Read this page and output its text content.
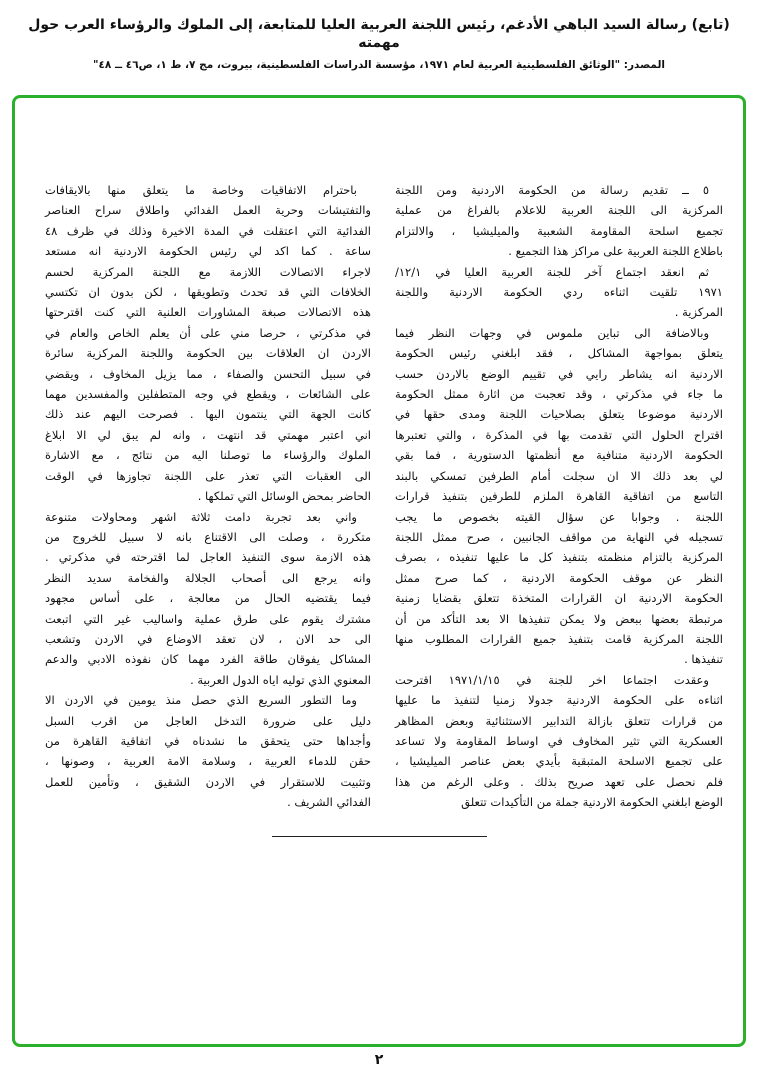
(تابع) رسالة السيد الباهي الأدغم، رئيس اللجنة العربية العليا للمتابعة، إلى الملوك والرؤساء العرب حول مهمته
المصدر: "الوثائق الفلسطينية العربية لعام ١٩٧١، مؤسسة الدراسات الفلسطينية، بيروت، مج ٧، ط ١، ص٤٦ ــ ٤٨"
٥ ــ تقديم رسالة من الحكومة الاردنية ومن اللجنة
المركزية الى اللجنة العربية للاعلام بالفراغ من عملية
تجميع اسلحة المقاومة الشعبية والميليشيا ، والالتزام
باطلاع اللجنة العربية على مراكز هذا التجميع .
ثم انعقد اجتماع آخر للجنة العربية العليا في ١٢/١/
١٩٧١ تلقيت اثناءه ردي الحكومة الاردنية واللجنة
المركزية .
وبالاضافة الى تباين ملموس في وجهات النظر فيما
يتعلق بمواجهة المشاكل ، فقد ابلغني رئيس الحكومة
الاردنية انه يشاطر رايي في تقييم الوضع بالاردن حسب
ما جاء في مذكرتي ، وقد تعجبت من اثارة ممثل الحكومة
الاردنية موضوعا يتعلق بصلاحيات اللجنة ومدى حقها في
اقتراح الحلول التي تقدمت بها في المذكرة ، والتي تعتبرها
الحكومة الاردنية متنافية مع أنظمتها الدستورية ، فما بقي
لي بعد ذلك الا ان سجلت أمام الطرفين تمسكي بالبند
التاسع من اتفاقية القاهرة الملزم للطرفين بتنفيذ قرارات
اللجنة . وجوابا عن سؤال القيته بخصوص ما يجب
تسجيله في النهاية من مواقف الجانبين ، صرح ممثل اللجنة
المركزية بالتزام منظمته بتنفيذ كل ما عليها تنفيذه ، بصرف
النظر عن موقف الحكومة الاردنية ، كما صرح ممثل
الحكومة الاردنية ان القرارات المتخذة تتعلق بقضايا زمنية
مرتبطة بعضها ببعض ولا يمكن تنفيذها الا بعد التأكد من أن
اللجنة المركزية قامت بتنفيذ جميع القرارات المطلوب منها
تنفيذها .
وعقدت اجتماعا اخر للجنة في ١٩٧١/١/١٥ اقترحت
اثناءه على الحكومة الاردنية جدولا زمنيا لتنفيذ ما عليها
من قرارات تتعلق بازالة التدابير الاستثنائية وبعض المظاهر
العسكرية التي تثير المخاوف في اوساط المقاومة ولا تساعد
على تجميع الاسلحة المتبقية بأيدي بعض عناصر الميليشيا ،
فلم نحصل على تعهد صريح بذلك . وعلى الرغم من هذا
الوضع ابلغني الحكومة الاردنية جملة من التأكيدات تتعلق
باحترام الاتفاقيات وخاصة ما يتعلق منها بالايقافات
والتفتيشات وحرية العمل الفدائي واطلاق سراح العناصر
الفدائية التي اعتقلت في المدة الاخيرة وذلك في ظرف ٤٨
ساعة . كما اكد لي رئيس الحكومة الاردنية انه مستعد
لاجراء الاتصالات اللازمة مع اللجنة المركزية لحسم
الخلافات التي قد تحدث وتطويقها ، لكن بدون ان تكتسي
هذه الاتصالات صبغة المشاورات العلنية التي كنت اقترحتها
في مذكرتي ، حرصا مني على أن يعلم الخاص والعام في
الاردن ان العلاقات بين الحكومة واللجنة المركزية سائرة
في سبيل التحسن والصفاء ، مما يزيل المخاوف ، ويقضي
على الشائعات ، ويقطع في وجه المتطفلين والمفسدين مهما
كانت الجهة التي ينتمون اليها . فصرحت اليهم عند ذلك
اني اعتبر مهمتي قد انتهت ، وانه لم يبق لي الا ابلاغ
الملوك والرؤساء ما توصلنا اليه من نتائج ، مع الاشارة
الى العقبات التي تعذر على اللجنة تجاوزها في الوقت
الحاضر بمحض الوسائل التي تملكها .
واني بعد تجربة دامت ثلاثة اشهر ومحاولات متنوعة
متكررة ، وصلت الى الاقتناع بانه لا سبيل للخروج من
هذه الازمة سوى التنفيذ العاجل لما اقترحته في مذكرتي .
وانه يرجع الى أصحاب الجلالة والفخامة سديد النظر
فيما يقتضيه الحال من معالجة ، على أساس مجهود
مشترك يقوم على طرق عملية واساليب غير التي اتبعت
الى حد الان ، لان تعقد الاوضاع في الاردن وتشعب
المشاكل يفوقان طاقة الفرد مهما كان نفوذه الادبي والدعم
المعنوي الذي توليه اياه الدول العربية .
وما التطور السريع الذي حصل منذ يومين في الاردن الا
دليل على ضرورة التدخل العاجل من اقرب السبل
وأجداها حتى يتحقق ما نشدناه في اتفاقية القاهرة من
حقن للدماء العربية ، وسلامة الامة العربية ، وصونها ،
وتثبيت للاستقرار في الاردن الشقيق ، وتأمين للعمل
الفدائي الشريف .
٢
